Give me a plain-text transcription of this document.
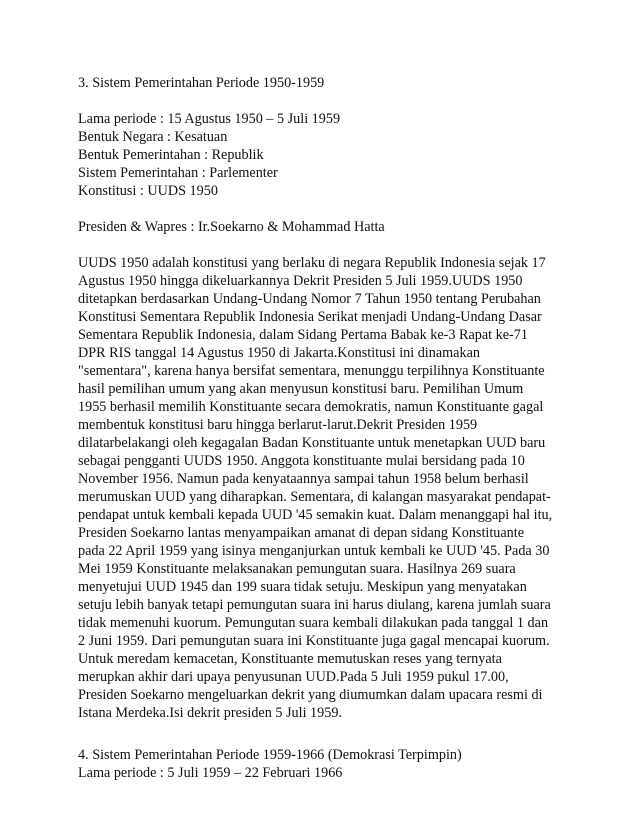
3. Sistem Pemerintahan Periode 1950-1959
Lama periode : 15 Agustus 1950 – 5 Juli 1959
Bentuk Negara : Kesatuan
Bentuk Pemerintahan : Republik
Sistem Pemerintahan : Parlementer
Konstitusi : UUDS 1950
Presiden & Wapres : Ir.Soekarno & Mohammad Hatta
UUDS 1950 adalah konstitusi yang berlaku di negara Republik Indonesia sejak 17
Agustus 1950 hingga dikeluarkannya Dekrit Presiden 5 Juli 1959.UUDS 1950
ditetapkan berdasarkan Undang-Undang Nomor 7 Tahun 1950 tentang Perubahan
Konstitusi Sementara Republik Indonesia Serikat menjadi Undang-Undang Dasar
Sementara Republik Indonesia, dalam Sidang Pertama Babak ke-3 Rapat ke-71
DPR RIS tanggal 14 Agustus 1950 di Jakarta.Konstitusi ini dinamakan
"sementara", karena hanya bersifat sementara, menunggu terpilihnya Konstituante
hasil pemilihan umum yang akan menyusun konstitusi baru. Pemilihan Umum
1955 berhasil memilih Konstituante secara demokratis, namun Konstituante gagal
membentuk konstitusi baru hingga berlarut-larut.Dekrit Presiden 1959
dilatarbelakangi oleh kegagalan Badan Konstituante untuk menetapkan UUD baru
sebagai pengganti UUDS 1950. Anggota konstituante mulai bersidang pada 10
November 1956. Namun pada kenyataannya sampai tahun 1958 belum berhasil
merumuskan UUD yang diharapkan. Sementara, di kalangan masyarakat pendapat-
pendapat untuk kembali kepada UUD '45 semakin kuat. Dalam menanggapi hal itu,
Presiden Soekarno lantas menyampaikan amanat di depan sidang Konstituante
pada 22 April 1959 yang isinya menganjurkan untuk kembali ke UUD '45. Pada 30
Mei 1959 Konstituante melaksanakan pemungutan suara. Hasilnya 269 suara
menyetujui UUD 1945 dan 199 suara tidak setuju. Meskipun yang menyatakan
setuju lebih banyak tetapi pemungutan suara ini harus diulang, karena jumlah suara
tidak memenuhi kuorum. Pemungutan suara kembali dilakukan pada tanggal 1 dan
2 Juni 1959. Dari pemungutan suara ini Konstituante juga gagal mencapai kuorum.
Untuk meredam kemacetan, Konstituante memutuskan reses yang ternyata
merupkan akhir dari upaya penyusunan UUD.Pada 5 Juli 1959 pukul 17.00,
Presiden Soekarno mengeluarkan dekrit yang diumumkan dalam upacara resmi di
Istana Merdeka.Isi dekrit presiden 5 Juli 1959.
4. Sistem Pemerintahan Periode 1959-1966 (Demokrasi Terpimpin)
Lama periode : 5 Juli 1959 – 22 Februari 1966
